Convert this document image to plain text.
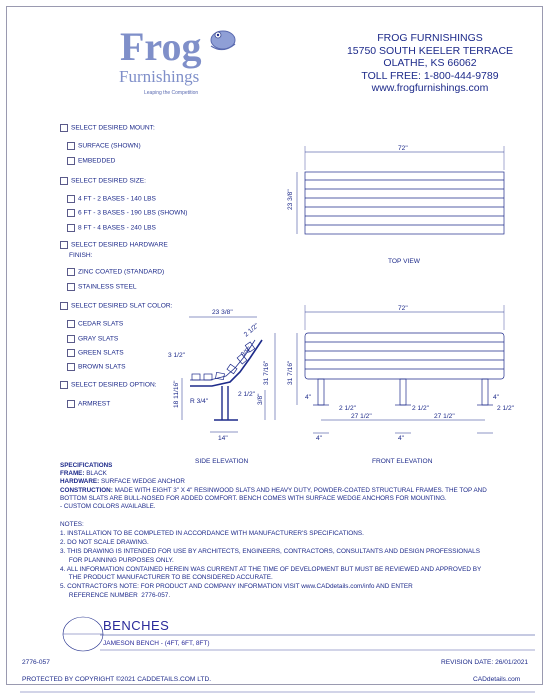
Frog
Furnishings
Leaping the Competition
FROG FURNISHINGS
15750 SOUTH KEELER TERRACE
OLATHE, KS 66062
TOLL FREE: 1-800-444-9789
www.frogfurnishings.com
SELECT DESIRED MOUNT:
SURFACE (SHOWN)
EMBEDDED
SELECT DESIRED SIZE:
4 FT - 2 BASES - 140 LBS
6 FT - 3 BASES - 190 LBS (SHOWN)
8 FT - 4 BASES - 240 LBS
SELECT DESIRED HARDWARE
FINISH:
ZINC COATED (STANDARD)
STAINLESS STEEL
SELECT DESIRED SLAT COLOR:
CEDAR SLATS
GRAY SLATS
GREEN SLATS
BROWN SLATS
SELECT DESIRED OPTION:
ARMREST
72"
23 3/8"
TOP VIEW
72"
31 7/16"
4"
2 1/2"	2 1/2"
27 1/2"	27 1/2"
4"	4"
4"
2 1/2"
FRONT ELEVATION
23 3/8"
2 1/2"
3 1/2"	3/8"
2 1/2"
18 11/16" R 3/4"
31 7/16"
3/8"
14"
SIDE ELEVATION
SPECIFICATIONS
FRAME: BLACK
HARDWARE: SURFACE WEDGE ANCHOR
CONSTRUCTION: MADE WITH EIGHT 3" X 4" RESINWOOD SLATS AND HEAVY DUTY, POWDER-COATED STRUCTURAL FRAMES. THE TOP AND
BOTTOM SLATS ARE BULL-NOSED FOR ADDED COMFORT. BENCH COMES WITH SURFACE WEDGE ANCHORS FOR MOUNTING.
- CUSTOM COLORS AVAILABLE.
NOTES:
1. INSTALLATION TO BE COMPLETED IN ACCORDANCE WITH MANUFACTURER'S SPECIFICATIONS.
2. DO NOT SCALE DRAWING.
3. THIS DRAWING IS INTENDED FOR USE BY ARCHITECTS, ENGINEERS, CONTRACTORS, CONSULTANTS AND DESIGN PROFESSIONALS
FOR PLANNING PURPOSES ONLY.
4. ALL INFORMATION CONTAINED HEREIN WAS CURRENT AT THE TIME OF DEVELOPMENT BUT MUST BE REVIEWED AND APPROVED BY
THE PRODUCT MANUFACTURER TO BE CONSIDERED ACCURATE.
5. CONTRACTOR'S NOTE: FOR PRODUCT AND COMPANY INFORMATION VISIT www.CADdetails.com/info AND ENTER
REFERENCE NUMBER  2776-057.
BENCHES
JAMESON BENCH - (4FT, 6FT, 8FT)
2776-057	REVISION DATE: 26/01/2021
PROTECTED BY COPYRIGHT ©2021 CADDETAILS.COM LTD.	CADdetails.com
